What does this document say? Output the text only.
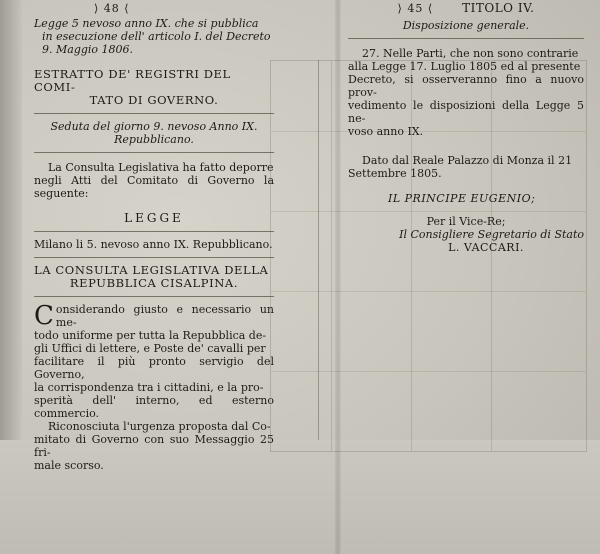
⟩ 48 ⟨

Legge 5 nevoso anno IX. che si pubblica

in esecuzione dell' articolo I. del Decreto

9. Maggio 1806.

ESTRATTO DE' REGISTRI DEL COMI-

TATO DI GOVERNO.

Seduta del giorno 9. nevoso Anno IX.

Repubblicano.

La Consulta Legislativa ha fatto deporre

negli Atti del Comitato di Governo la seguente:

LEGGE

Milano li 5. nevoso anno IX. Repubblicano.

LA CONSULTA LEGISLATIVA DELLA

REPUBBLICA CISALPINA.

C onsiderando giusto e necessario un me-

todo uniforme per tutta la Repubblica de-

gli Uffici di lettere, e Poste de' cavalli per

facilitare il più pronto servigio del Governo,

la corrispondenza tra i cittadini, e la pro-

sperità dell' interno, ed esterno commercio.

Riconosciuta l'urgenza proposta dal Co-

mitato di Governo con suo Messaggio 25 fri-

male scorso.

⟩ 45 ⟨  TITOLO IV.
Disposizione generale.

27. Nelle Parti, che non sono contrarie

alla Legge 17. Luglio 1805 ed al presente

Decreto, si osserveranno fino a nuovo prov-

vedimento le disposizioni della Legge 5 ne-

voso anno IX.

Dato dal Reale Palazzo di Monza il 21

Settembre 1805.

IL PRINCIPE EUGENIO;
Per il Vice-Re;
Il Consigliere Segretario di Stato
L. VACCARI.
